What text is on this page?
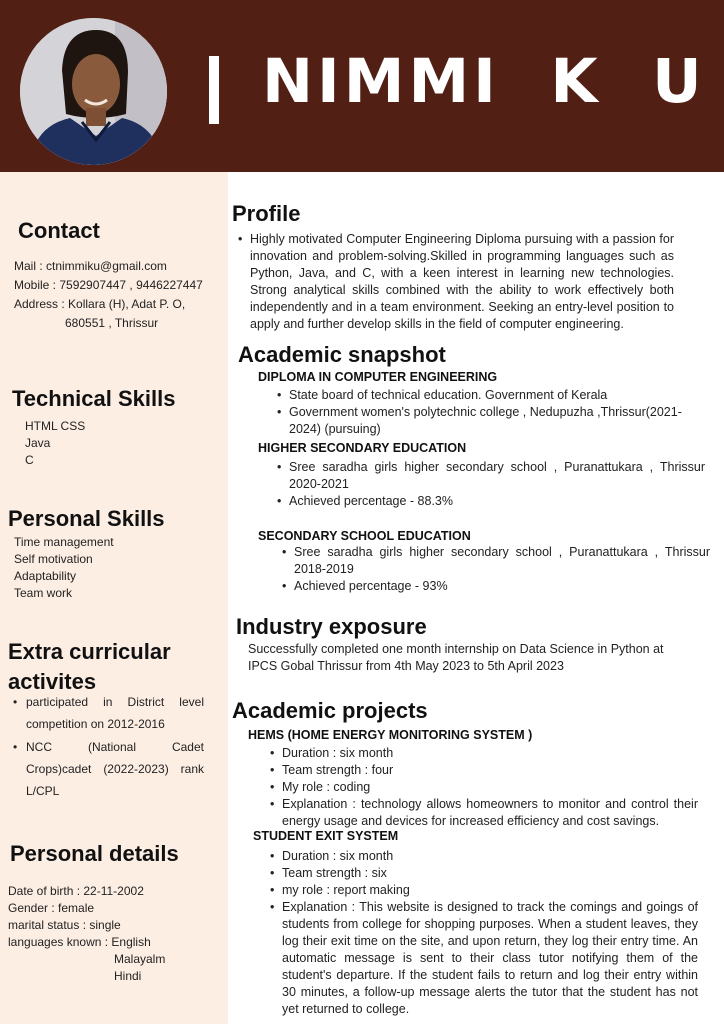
NIMMI  K  U
Contact
Mail : ctnimmiku@gmail.com
Mobile : 7592907447 , 9446227447
Address : Kollara (H), Adat P. O,
680551 , Thrissur
Technical Skills
HTML CSS
Java
C
Personal Skills
Time management
Self motivation
Adaptability
Team work
Extra curricular
activites
• participated in District level competition on 2012-2016
• NCC (National Cadet Crops)cadet (2022-2023) rank L/CPL
Personal details
Date of birth : 22-11-2002
Gender : female
marital status : single
languages known : English
Malayalm
Hindi
Profile
• Highly motivated Computer Engineering Diploma pursuing with a passion for innovation and problem-solving.Skilled in programming languages such as Python, Java, and C, with a keen interest in learning new technologies. Strong analytical skills combined with the ability to work effectively both independently and in a team environment. Seeking an entry-level position to apply and further develop skills in the field of computer engineering.
Academic snapshot
DIPLOMA IN COMPUTER ENGINEERING
• State board of technical education. Government of Kerala
• Government women's polytechnic college , Nedupuzha ,Thrissur(2021-2024) (pursuing)
HIGHER SECONDARY EDUCATION
• Sree saradha girls higher secondary school , Puranattukara , Thrissur 2020-2021
• Achieved percentage - 88.3%
SECONDARY SCHOOL EDUCATION
• Sree saradha girls higher secondary school , Puranattukara , Thrissur 2018-2019
• Achieved percentage - 93%
Industry exposure
Successfully completed one month internship on Data Science in Python at
IPCS Gobal Thrissur from 4th May 2023 to 5th April 2023
Academic projects
HEMS (HOME ENERGY MONITORING SYSTEM )
• Duration : six month
• Team strength : four
• My role : coding
• Explanation : technology allows homeowners to monitor and control their energy usage and devices for increased efficiency and cost savings.
STUDENT EXIT SYSTEM
• Duration : six month
• Team strength : six
• my role : report making
• Explanation : This website is designed to track the comings and goings of students from college for shopping purposes. When a student leaves, they log their exit time on the site, and upon return, they log their entry time. An automatic message is sent to their class tutor notifying them of the student's departure. If the student fails to return and log their entry within 30 minutes, a follow-up message alerts the tutor that the student has not yet returned to college.
